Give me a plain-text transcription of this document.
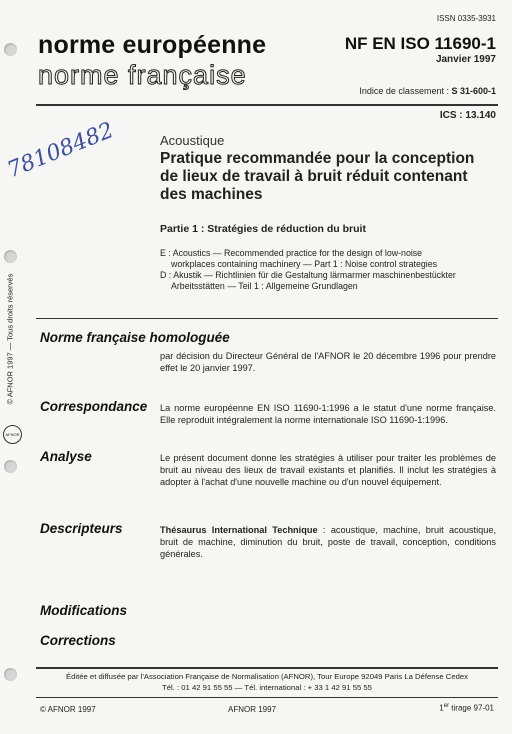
ISSN 0335-3931
norme européenne
norme française
NF EN ISO 11690-1
Janvier 1997
Indice de classement : S 31-600-1
ICS : 13.140
78108482
© AFNOR 1997 — Tous droits réservés
AFNOR
Acoustique
Pratique recommandée pour la conception
de lieux de travail à bruit réduit contenant
des machines
Partie 1 : Stratégies de réduction du bruit
E : Acoustics — Recommended practice for the design of low-noise
workplaces containing machinery — Part 1 : Noise control strategies
D : Akustik — Richtlinien für die Gestaltung lärmarmer maschinenbestückter
Arbeitsstätten — Teil 1 : Allgemeine Grundlagen
Norme française homologuée
par décision du Directeur Général de l'AFNOR le 20 décembre 1996 pour prendre effet le 20 janvier 1997.
Correspondance La norme européenne EN ISO 11690-1:1996 a le statut d'une norme française. Elle reproduit intégralement la norme internationale ISO 11690-1:1996.
Analyse	Le présent document donne les stratégies à utiliser pour traiter les problèmes de bruit au niveau des lieux de travail existants et planifiés. Il inclut les stratégies à adopter à l'achat d'une nouvelle machine ou d'un nouvel équipement.
Descripteurs	Thésaurus International Technique : acoustique, machine, bruit acoustique, bruit de machine, diminution du bruit, poste de travail, conception, conditions générales.
Modifications
Corrections
Éditée et diffusée par l'Association Française de Normalisation (AFNOR), Tour Europe 92049 Paris La Défense Cedex
Tél. : 01 42 91 55 55 — Tél. international : + 33 1 42 91 55 55
© AFNOR 1997	AFNOR 1997	1er tirage 97-01
